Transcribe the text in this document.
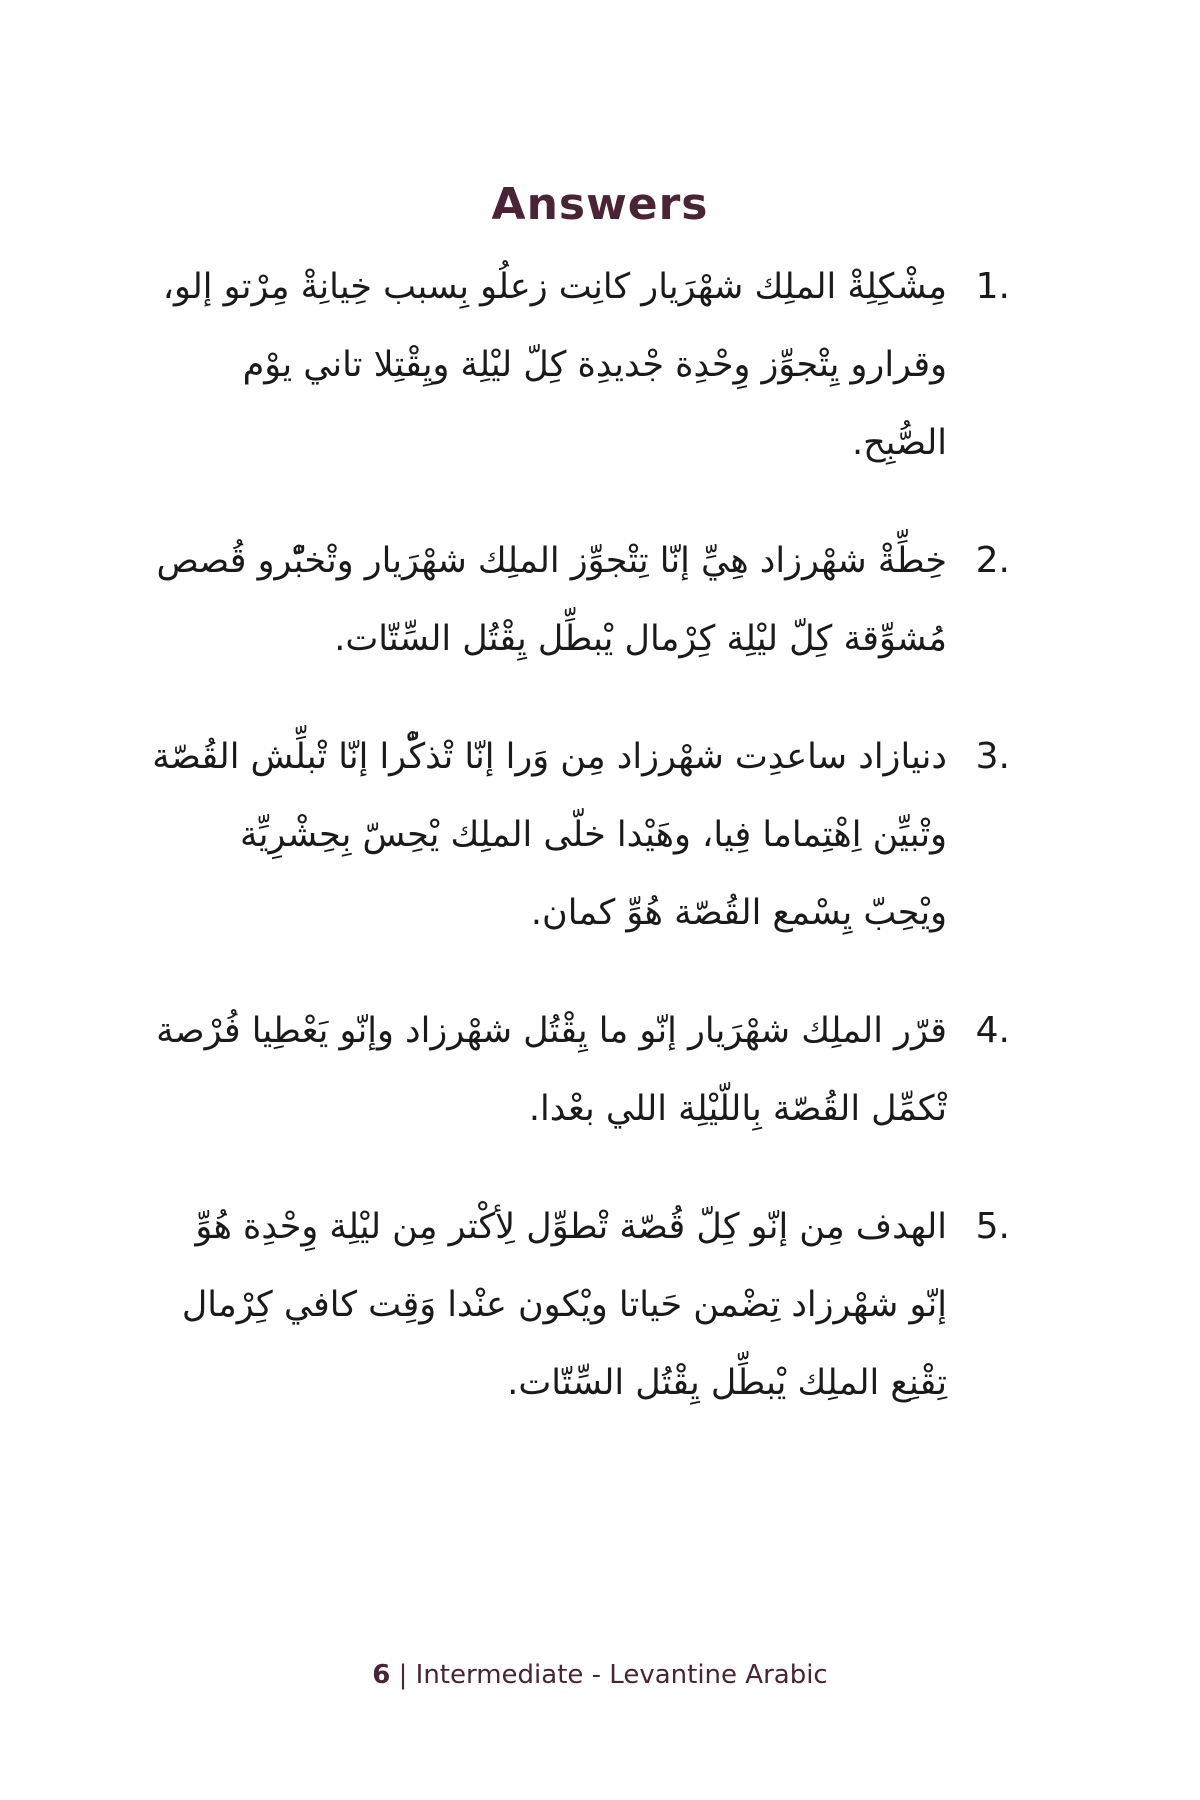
Answers
1.
مِشْكِلِةْ الملِك شهْرَيار كانِت زعلُو بِسبب خِيانِةْ مِرْتو إلو، وقرارو يِتْجوِّز وِحْدِة جْديدِة كِلّ ليْلِة ويِقْتِلا تاني يوْم الصُّبِح.
2.
خِطِّةْ شهْرزاد هِيِّ إنّا تِتْجوِّز الملِك شهْرَيار وتْخبّْرو قُصص مُشوِّقة كِلّ ليْلِة كِرْمال يْبطِّل يِقْتُل السِّتّات.
3.
دنيازاد ساعدِت شهْرزاد مِن وَرا إنّا تْذكّْرا إنّا تْبلِّش القُصّة وتْبيِّن اِهْتِماما فِيا، وهَيْدا خلّى الملِك يْحِسّ بِحِشْرِيِّة ويْحِبّ يِسْمع القُصّة هُوِّ كمان.
4.
قرّر الملِك شهْرَيار إنّو ما يِقْتُل شهْرزاد وإنّو يَعْطِيا فُرْصة تْكمِّل القُصّة بِاللّيْلِة اللي بعْدا.
5.
الهدف مِن إنّو كِلّ قُصّة تْطوِّل لِأكْتر مِن ليْلِة وِحْدِة هُوِّ إنّو شهْرزاد تِضْمن حَياتا ويْكون عنْدا وَقِت كافي كِرْمال تِقْنِع الملِك يْبطِّل يِقْتُل السِّتّات.
6 | Intermediate - Levantine Arabic
